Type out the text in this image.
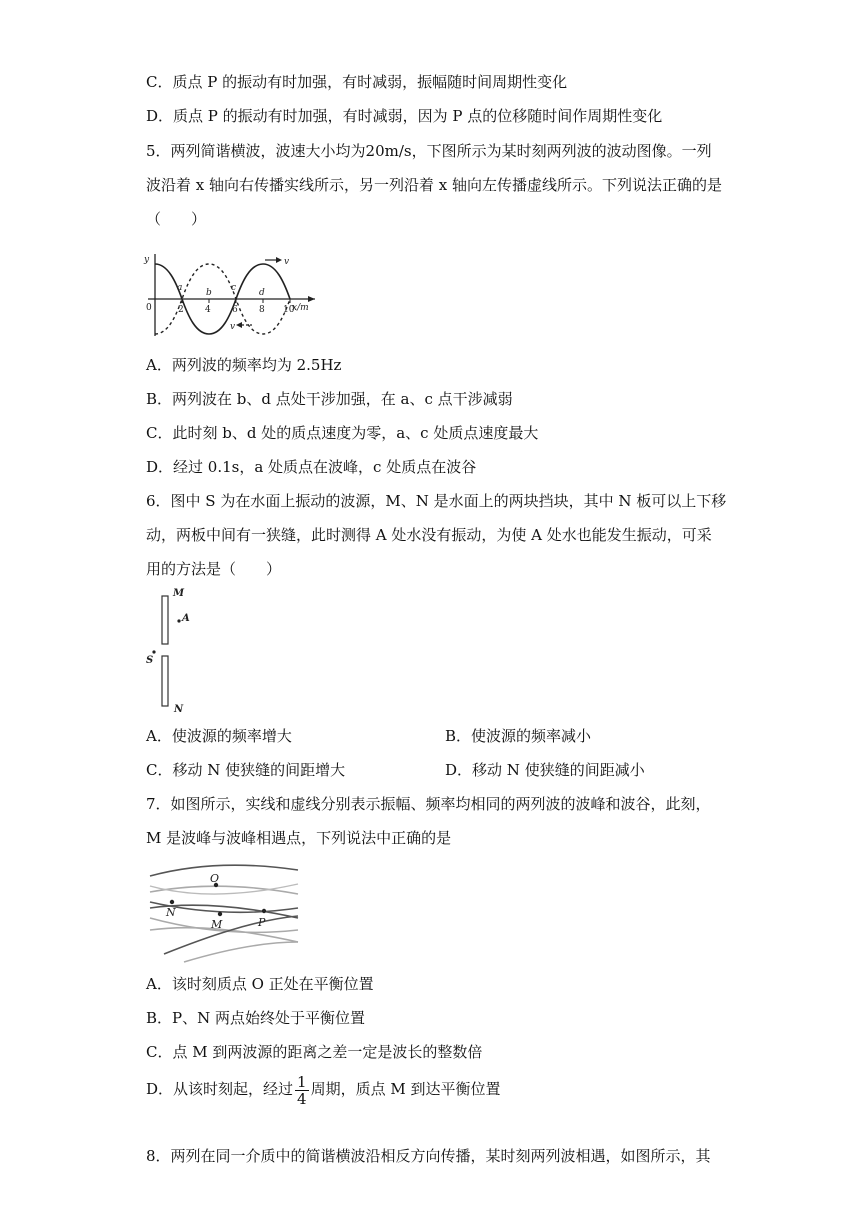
C．质点 P 的振动有时加强，有时减弱，振幅随时间周期性变化
D．质点 P 的振动有时加强，有时减弱，因为 P 点的位移随时间作周期性变化
5．两列简谐横波，波速大小均为20m/s，下图所示为某时刻两列波的波动图像。一列
波沿着 x 轴向右传播实线所示，另一列沿着 x 轴向左传播虚线所示。下列说法正确的是
（　　）
y	v
v
0	x/m
a	b c	d
2 4 6 8 10
A．两列波的频率均为 2.5Hz
B．两列波在 b、d 点处干涉加强，在 a、c 点干涉减弱
C．此时刻 b、d 处的质点速度为零，a、c 处质点速度最大
D．经过 0.1s，a 处质点在波峰，c 处质点在波谷
6．图中 S 为在水面上振动的波源，M、N 是水面上的两块挡块，其中 N 板可以上下移
动，两板中间有一狭缝，此时测得 A 处水没有振动，为使 A 处水也能发生振动，可采
用的方法是（　　）
M
A
S
N
A．使波源的频率增大	B．使波源的频率减小
C．移动 N 使狭缝的间距增大	D．移动 N 使狭缝的间距减小
7．如图所示，实线和虚线分别表示振幅、频率均相同的两列波的波峰和波谷，此刻，
M 是波峰与波峰相遇点，下列说法中正确的是
O
N
M	P
A．该时刻质点 O 正处在平衡位置
B．P、N 两点始终处于平衡位置
C．点 M 到两波源的距离之差一定是波长的整数倍
D．从该时刻起，经过 $\frac{1}{4}$ 周期，质点 M 到达平衡位置
8．两列在同一介质中的简谐横波沿相反方向传播，某时刻两列波相遇，如图所示，其
